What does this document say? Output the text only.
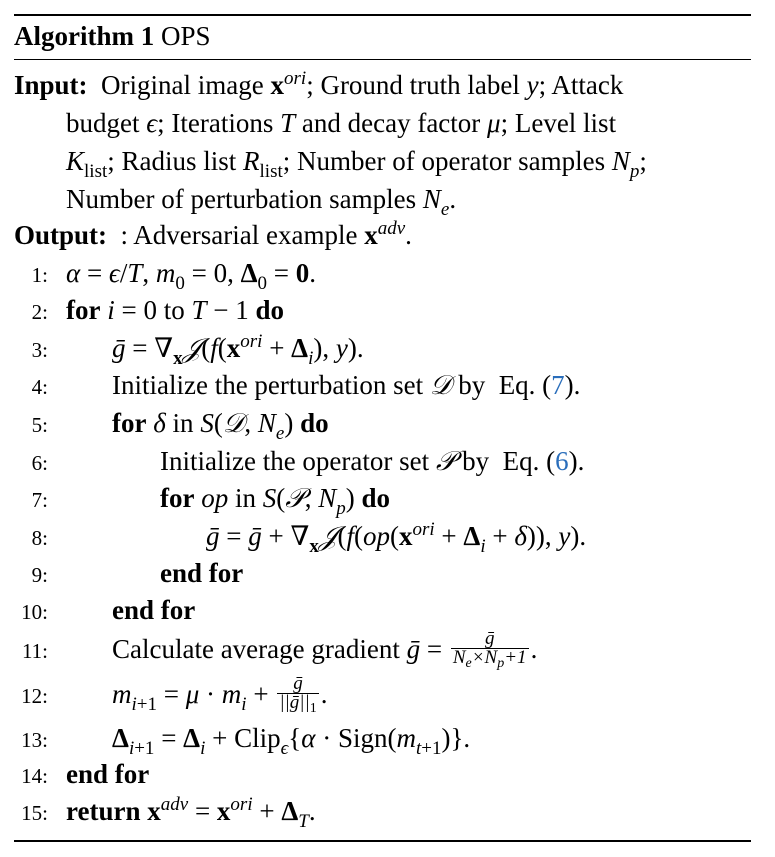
Algorithm 1 OPS
Input:  Original image $x^{ori}$; Ground truth label y; Attack
budget ϵ; Iterations T and decay factor μ; Level list
$K_{list}$; Radius list $R_{list}$; Number of operator samples $N_p$;
Number of perturbation samples $N_e$.
Output:  : Adversarial example $x^{adv}$.
1: α = ϵ/T, $m_0 = 0$, $\Delta_0 = 0$.
2: for i = 0 to T − 1 do
3: ḡ = $\nabla_x𝒥(f(x^{ori} + \Delta_i)$, y).
4: Initialize the perturbation set 𝒟 by  Eq. (7).
5: for δ in S(𝒟, $N_e$) do
6:	Initialize the operator set 𝒫 by  Eq. (6).
7:	for op in S(𝒫, $N_p$) do
8:	ḡ = ḡ + $\nabla_x𝒥(f(op(x^{ori} + \Delta_i + \delta))$, y).
9:	end for
10: end for
11: Calculate average gradient ḡ = $\frac{\text{ḡ}}{N_e\times N_p+1}$ .
12: $m_{i+1} = \mu \cdot m_i + \frac{\text{ḡ}}{||ḡ||_1}$ .
13: $\Delta_{i+1} = \Delta_i$ + Clip$_\epsilon${α · $Sign(m_{t+1})$}.
14: end for
15: return $x^{adv} = x^{ori} + \Delta_T$.
